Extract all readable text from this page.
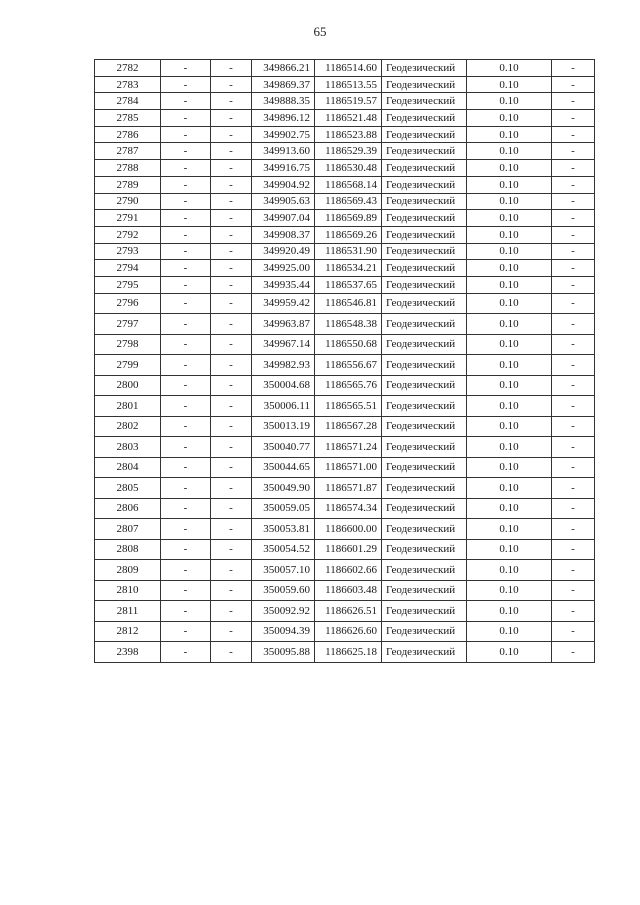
65
2782	-	-	349866.21	1186514.60	Геодезический	0.10	-
2783	-	-	349869.37	1186513.55	Геодезический	0.10	-
2784	-	-	349888.35	1186519.57	Геодезический	0.10	-
2785	-	-	349896.12	1186521.48	Геодезический	0.10	-
2786	-	-	349902.75	1186523.88	Геодезический	0.10	-
2787	-	-	349913.60	1186529.39	Геодезический	0.10	-
2788	-	-	349916.75	1186530.48	Геодезический	0.10	-
2789	-	-	349904.92	1186568.14	Геодезический	0.10	-
2790	-	-	349905.63	1186569.43	Геодезический	0.10	-
2791	-	-	349907.04	1186569.89	Геодезический	0.10	-
2792	-	-	349908.37	1186569.26	Геодезический	0.10	-
2793	-	-	349920.49	1186531.90	Геодезический	0.10	-
2794	-	-	349925.00	1186534.21	Геодезический	0.10	-
2795	-	-	349935.44	1186537.65	Геодезический	0.10	-
2796	-	-	349959.42	1186546.81	Геодезический	0.10	-
2797	-	-	349963.87	1186548.38	Геодезический	0.10	-
2798	-	-	349967.14	1186550.68	Геодезический	0.10	-
2799	-	-	349982.93	1186556.67	Геодезический	0.10	-
2800	-	-	350004.68	1186565.76	Геодезический	0.10	-
2801	-	-	350006.11	1186565.51	Геодезический	0.10	-
2802	-	-	350013.19	1186567.28	Геодезический	0.10	-
2803	-	-	350040.77	1186571.24	Геодезический	0.10	-
2804	-	-	350044.65	1186571.00	Геодезический	0.10	-
2805	-	-	350049.90	1186571.87	Геодезический	0.10	-
2806	-	-	350059.05	1186574.34	Геодезический	0.10	-
2807	-	-	350053.81	1186600.00	Геодезический	0.10	-
2808	-	-	350054.52	1186601.29	Геодезический	0.10	-
2809	-	-	350057.10	1186602.66	Геодезический	0.10	-
2810	-	-	350059.60	1186603.48	Геодезический	0.10	-
2811	-	-	350092.92	1186626.51	Геодезический	0.10	-
2812	-	-	350094.39	1186626.60	Геодезический	0.10	-
2398	-	-	350095.88	1186625.18	Геодезический	0.10	-
